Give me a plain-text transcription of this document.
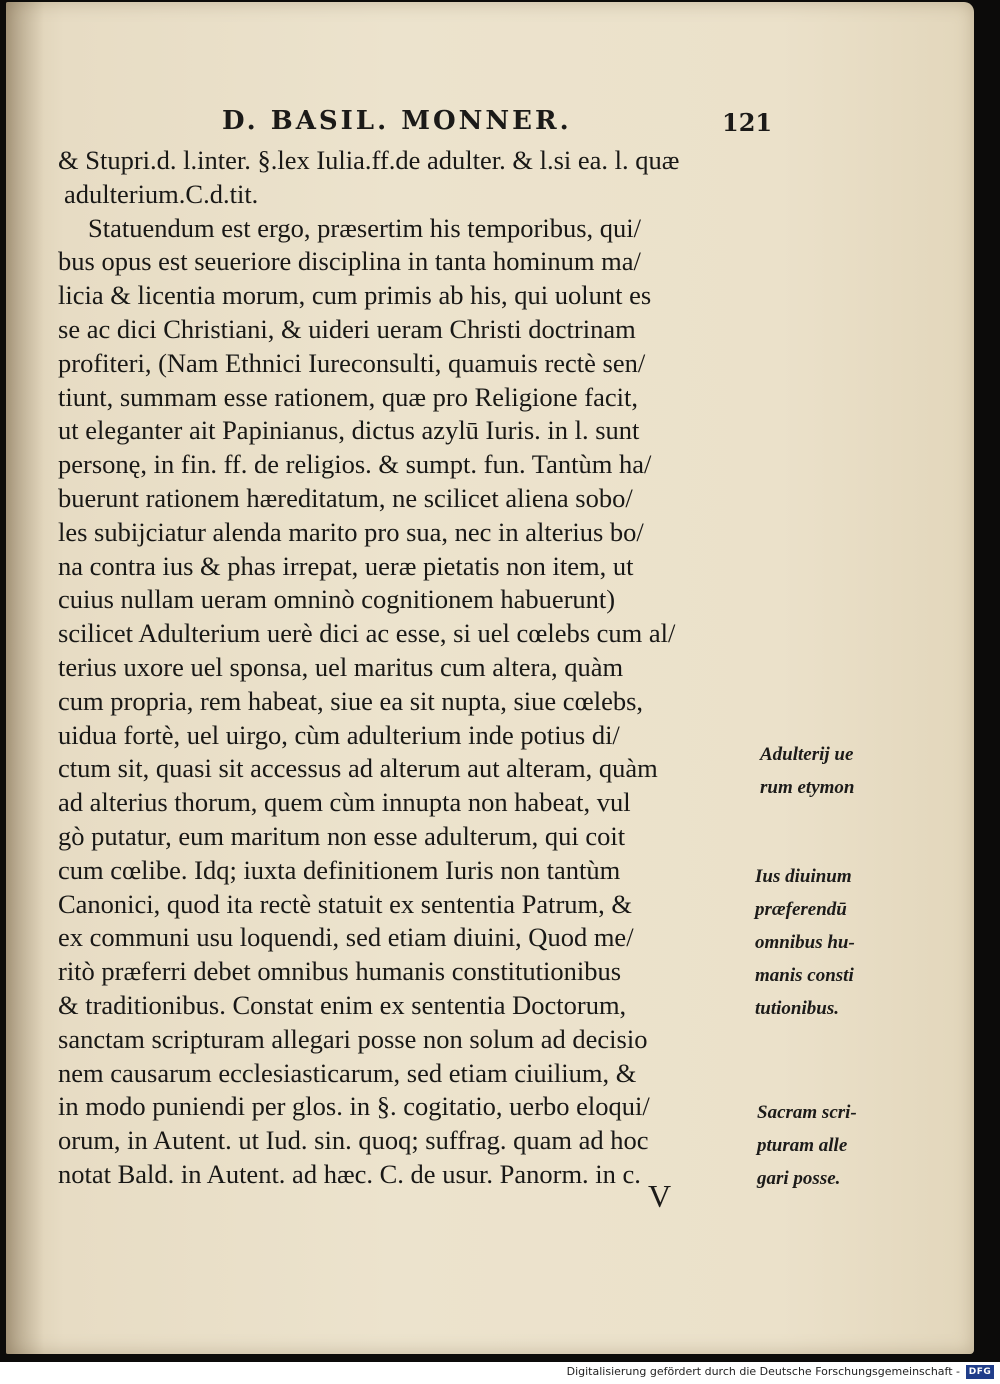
D. BASIL. MONNER.	121
& Stupri.d. l.inter. §.lex Iulia.ff.de adulter. & l.si ea. l. quæ
adulterium.C.d.tit.
Statuendum est ergo, præsertim his temporibus, qui/
bus opus est seueriore disciplina in tanta hominum ma/
licia & licentia morum, cum primis ab his, qui uolunt es
se ac dici Christiani, & uideri ueram Christi doctrinam
profiteri, (Nam Ethnici Iureconsulti, quamuis rectè sen/
tiunt, summam esse rationem, quæ pro Religione facit,
ut eleganter ait Papinianus, dictus azylū Iuris. in l. sunt
personę, in fin. ff. de religios. & sumpt. fun. Tantùm ha/
buerunt rationem hæreditatum, ne scilicet aliena sobo/
les subijciatur alenda marito pro sua, nec in alterius bo/
na contra ius & phas irrepat, ueræ pietatis non item, ut
cuius nullam ueram omninò cognitionem habuerunt)
scilicet Adulterium uerè dici ac esse, si uel cœlebs cum al/
terius uxore uel sponsa, uel maritus cum altera, quàm
cum propria, rem habeat, siue ea sit nupta, siue cœlebs,
uidua fortè, uel uirgo, cùm adulterium inde potius di/
ctum sit, quasi sit accessus ad alterum aut alteram, quàm
ad alterius thorum, quem cùm innupta non habeat, vul
gò putatur, eum maritum non esse adulterum, qui coit
cum cœlibe. Idq; iuxta definitionem Iuris non tantùm
Canonici, quod ita rectè statuit ex sententia Patrum, &
ex communi usu loquendi, sed etiam diuini, Quod me/
ritò præferri debet omnibus humanis constitutionibus
& traditionibus. Constat enim ex sententia Doctorum,
sanctam scripturam allegari posse non solum ad decisio
nem causarum ecclesiasticarum, sed etiam ciuilium, &
in modo puniendi per glos. in §. cogitatio, uerbo eloqui/
orum, in Autent. ut Iud. sin. quoq; suffrag. quam ad hoc
notat Bald. in Autent. ad hæc. C. de usur. Panorm. in c.
Adulterij ue
rum etymon
Ius diuinum
præferendū
omnibus hu-
manis consti
tutionibus.
Sacram scri-
pturam alle
gari posse.
V
Digitalisierung gefördert durch die Deutsche Forschungsgemeinschaft - DFG
